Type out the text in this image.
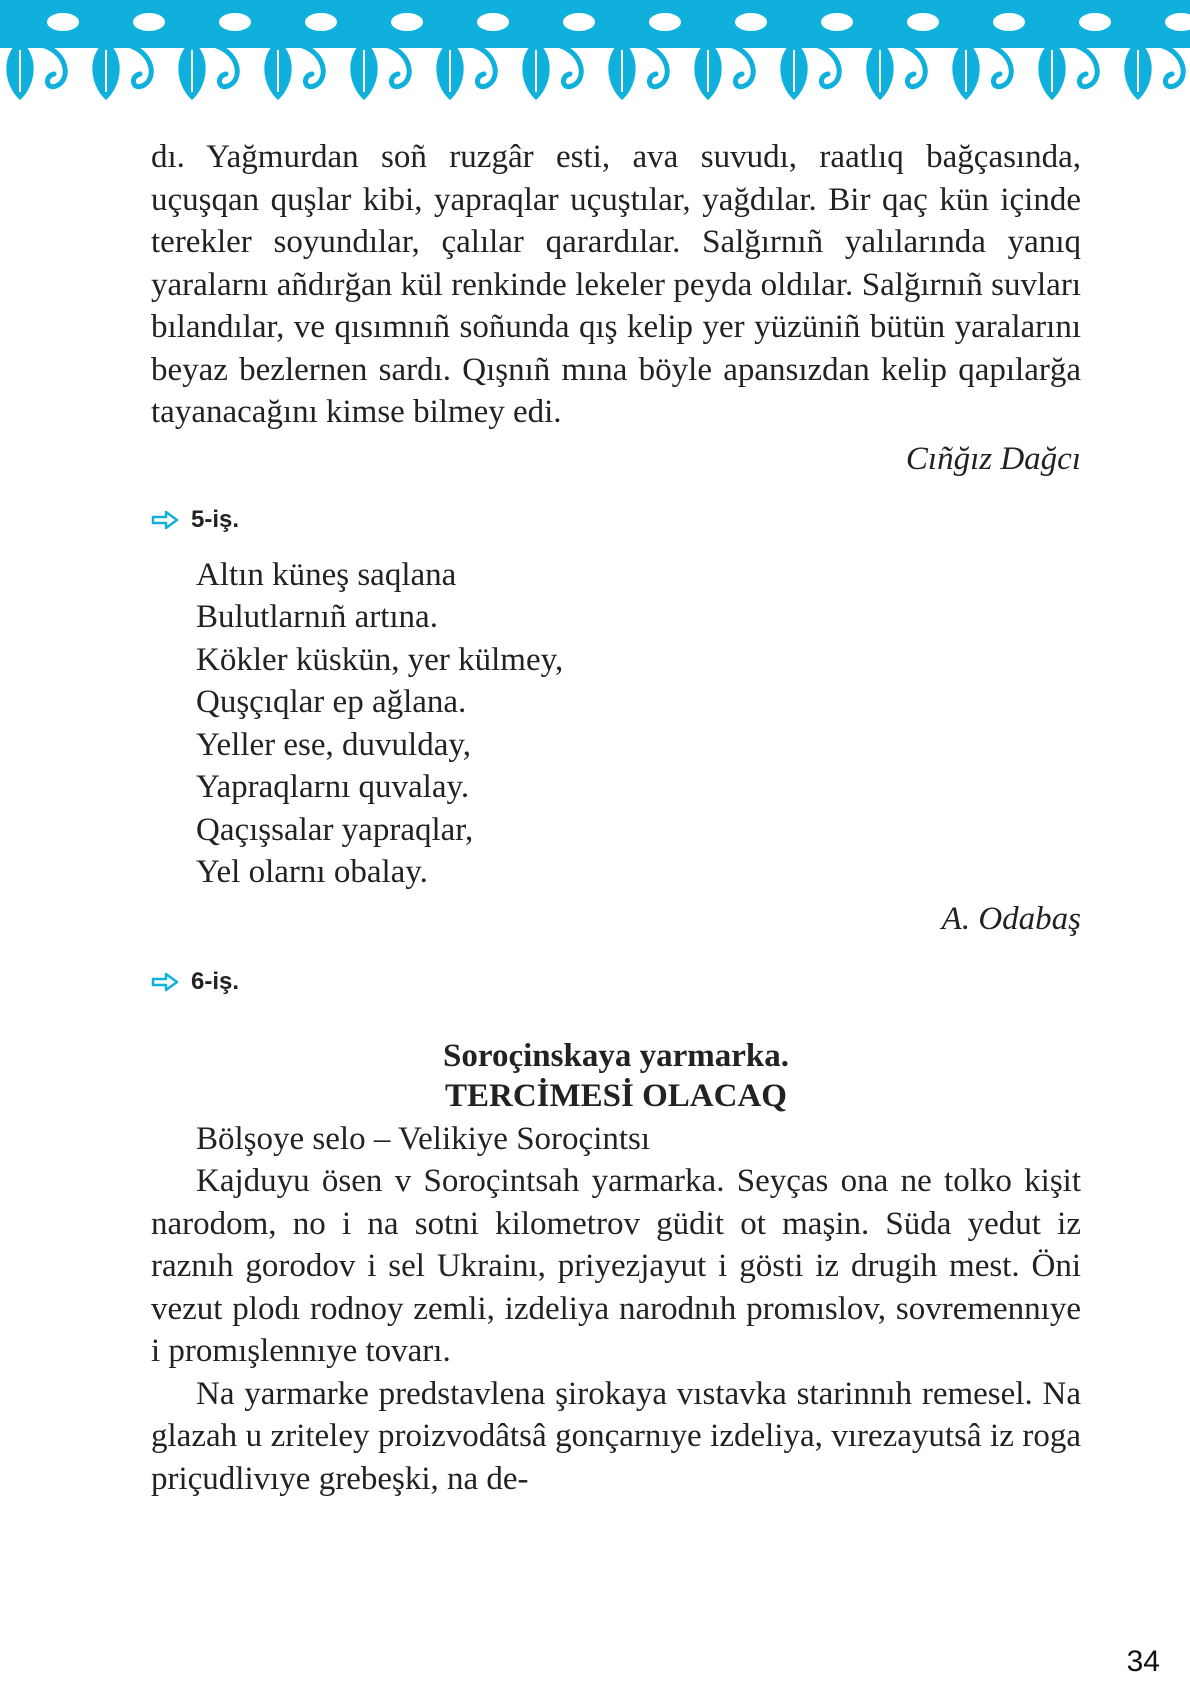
dı. Yağmurdan soñ ruzgâr esti, ava suvudı, raatlıq bağçasında, uçuşqan quşlar kibi, yapraqlar uçuştılar, yağdılar. Bir qaç kün içinde terekler soyundılar, çalılar qarardılar. Salğırnıñ yalılarında yanıq yaralarnı añdırğan kül renkinde lekeler peyda oldılar. Salğırnıñ suvları bılandılar, ve qısımnıñ soñunda qış kelip yer yüzüniñ bütün yaralarını beyaz bezlernen sardı. Qışnıñ mına böyle apansızdan kelip qapılarğa tayanacağını kimse bilmey edi.

Cıñğız Dağcı
5-iş.
Altın küneş saqlana
Bulutlarnıñ artına.
Kökler küskün, yer külmey,
Quşçıqlar ep ağlana.
Yeller ese, duvulday,
Yapraqlarnı quvalay.
Qaçışsalar yapraqlar,
Yel olarnı obalay.
A. Odabaş
6-iş.

Soroçinskaya yarmarka.

TERCİMESİ OLACAQ

Bölşoye selo – Velikiye Soroçintsı

Kajduyu ösen v Soroçintsah yarmarka. Seyças ona ne tolko kişit narodom, no i na sotni kilometrov güdit ot maşin. Süda yedut iz raznıh gorodov i sel Ukrainı, priyezjayut i gösti iz drugih mest. Öni vezut plodı rodnoy zemli, izdeliya narodnıh promıslov, sovremennıye i promışlennıye tovarı.

Na yarmarke predstavlena şirokaya vıstavka starinnıh remesel. Na glazah u zriteley proizvodâtsâ gonçarnıye izdeliya, vırezayutsâ iz roga priçudlivıye grebeşki, na de-

34
